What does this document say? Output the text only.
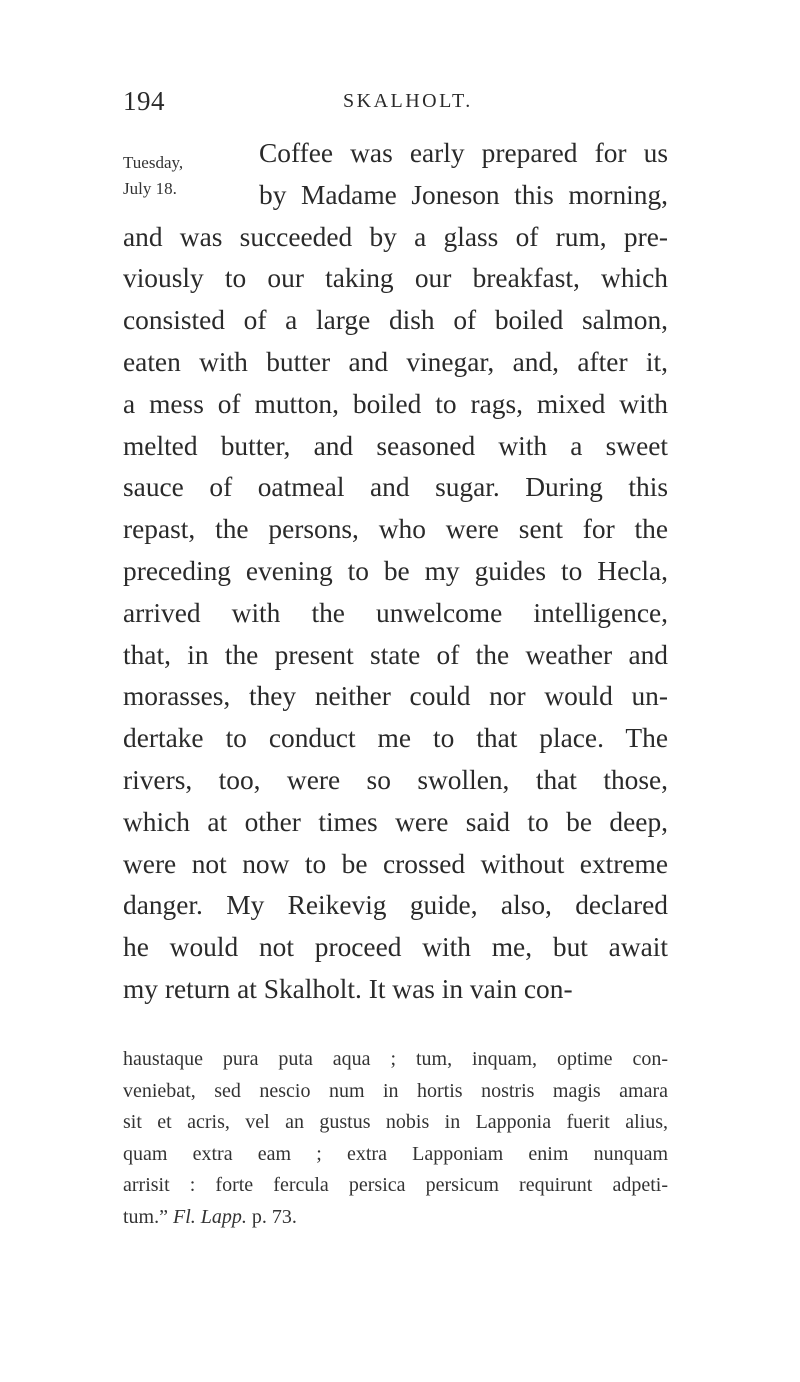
194	SKALHOLT.
Tuesday,
July 18.
Coffee was early prepared for us
by Madame Joneson this morning,
and was succeeded by a glass of rum, pre-
viously to our taking our breakfast, which
consisted of a large dish of boiled salmon,
eaten with butter and vinegar, and, after it,
a mess of mutton, boiled to rags, mixed with
melted butter, and seasoned with a sweet
sauce of oatmeal and sugar. During this
repast, the persons, who were sent for the
preceding evening to be my guides to Hecla,
arrived with the unwelcome intelligence,
that, in the present state of the weather and
morasses, they neither could nor would un-
dertake to conduct me to that place. The
rivers, too, were so swollen, that those,
which at other times were said to be deep,
were not now to be crossed without extreme
danger. My Reikevig guide, also, declared
he would not proceed with me, but await
my return at Skalholt. It was in vain con-
haustaque pura puta aqua ; tum, inquam, optime con-
veniebat, sed nescio num in hortis nostris magis amara
sit et acris, vel an gustus nobis in Lapponia fuerit alius,
quam extra eam ; extra Lapponiam enim nunquam
arrisit : forte fercula persica persicum requirunt adpeti-
tum.” Fl. Lapp. p. 73.
